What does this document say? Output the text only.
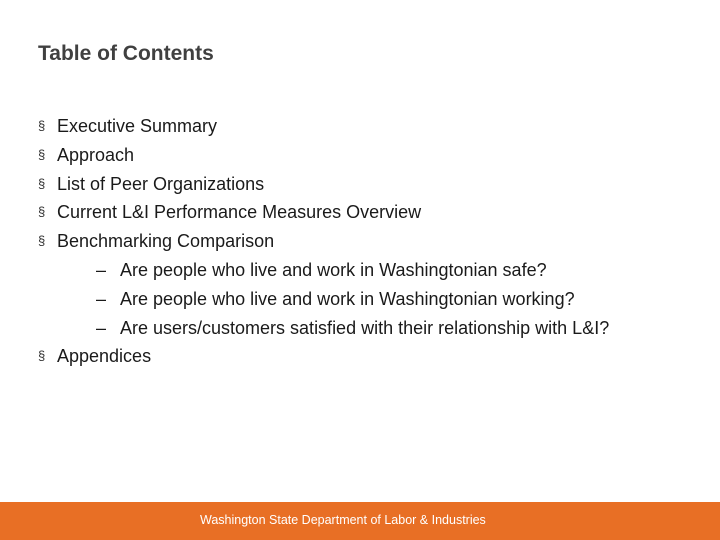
Table of Contents
§ Executive Summary
§ Approach
§ List of Peer Organizations
§ Current L&I Performance Measures Overview
§ Benchmarking Comparison
– Are people who live and work in Washingtonian safe?
– Are people who live and work in Washingtonian working?
– Are users/customers satisfied with their relationship with L&I?
§ Appendices
Washington State Department of Labor & Industries
2
